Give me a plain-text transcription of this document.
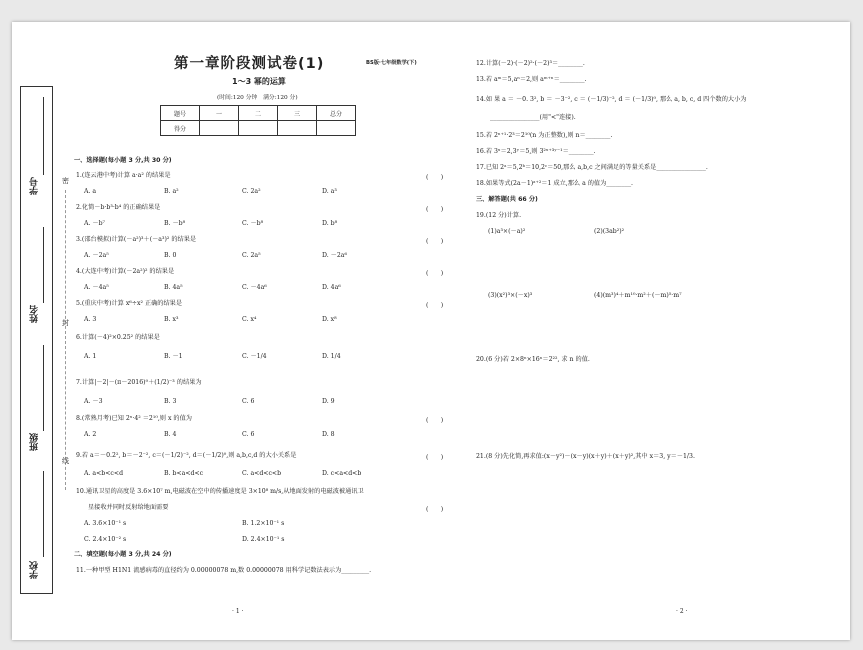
学号
姓名
班级
学校
密
封
线
第一章阶段测试卷(1)	BS版·七年级数学(下)
1～3 幂的运算
(时间:120 分钟　满分:120 分)
题号	一	二	三	总分
得分				
一、选择题(每小题 3 分,共 30 分)
1.(连云港中考)计算 a·a² 的结果是	(　　)
A. a	B. a²	C. 2a²	D. a³
2.化简－b·b³·b⁴ 的正确结果是	(　　)
A. －b⁷	B. －b⁸	C. －b⁸	D. b⁸
3.(邵台模拟)计算(－a²)³＋(－a³)² 的结果是	(　　)
A. －2a⁵	B. 0	C. 2a⁵	D. －2a⁶
4.(大连中考)计算(－2a²)² 的结果是	(　　)
A. －4a⁵	B. 4a⁵	C. －4a⁶	D. 4a⁶
5.(重庆中考)计算 x⁶÷x² 正确的结果是	(　　)
A. 3	B. x³	C. x⁴	D. x⁸
6.计算(－4)²×0.25² 的结果是
A. 1	B. －1	C. －1/4	D. 1/4
7.计算|－2|－(π－2016)⁰＋(1/2)⁻³ 的结果为
A. －3	B. 3	C. 6	D. 9
8.(常熟月考)已知 2ˣ·4² ＝2¹⁰,则 x 的值为	(　　)
A. 2	B. 4	C. 6	D. 8
9.若 a＝－0.2², b＝－2⁻², c＝(－1/2)⁻², d＝(－1/2)⁰,则 a,b,c,d 的大小关系是	(　　)
A. a<b<c<d	B. b<a<d<c	C. a<d<c<b	D. c<a<d<b
10.通讯卫星的高度是 3.6×10⁷ m,电磁波在空中的传播速度是 3×10⁸ m/s,从地面发射的电磁波被通讯卫
星接收并同时反射给地面需要	(　　)
A. 3.6×10⁻¹ s	B. 1.2×10⁻¹ s
C. 2.4×10⁻² s	D. 2.4×10⁻¹ s
二、填空题(每小题 3 分,共 24 分)
11.一种甲型 H1N1 流感病毒的直径约为 0.00000078 m,数 0.00000078 用科学记数法表示为_________.
· 1 ·
12.计算(－2)·(－2)²·(－2)³＝________.
13.若 aᵐ＝5,aⁿ＝2,则 aᵐ⁺ⁿ＝________.
14.如 果 a ＝ －0. 3², b ＝ －3⁻², c ＝ (－1/3)⁻², d ＝ (－1/3)⁰, 那么 a, b, c, d 四个数的大小为
________________(用"<"连接).
15.若 2ⁿ⁺¹·2³＝2¹⁰(n 为正整数),则 n＝________.
16.若 3ˣ＝2,3ʸ＝5,则 3²ˣ⁺³ʸ⁻¹＝________.
17.已知 2ᵃ＝5,2ᵇ＝10,2ᶜ＝50,那么 a,b,c 之间满足的等量关系是________________.
18.如果等式(2a－1)ᵃ⁺²＝1 成立,那么 a 的值为________.
三、解答题(共 66 分)
19.(12 分)计算.
(1)a³×(－a)²	(2)(3ab²)²
(3)(x²)³×(－x)³	(4)(m³)⁴＋m¹⁰·m²＋(－m)⁵·m⁷
20.(6 分)若 2×8ⁿ×16ⁿ＝2²², 求 n 的值.
21.(8 分)先化简,再求值:(x－y²)－(x－y)(x＋y)＋(x＋y)²,其中 x＝3, y＝－1/3.
· 2 ·
